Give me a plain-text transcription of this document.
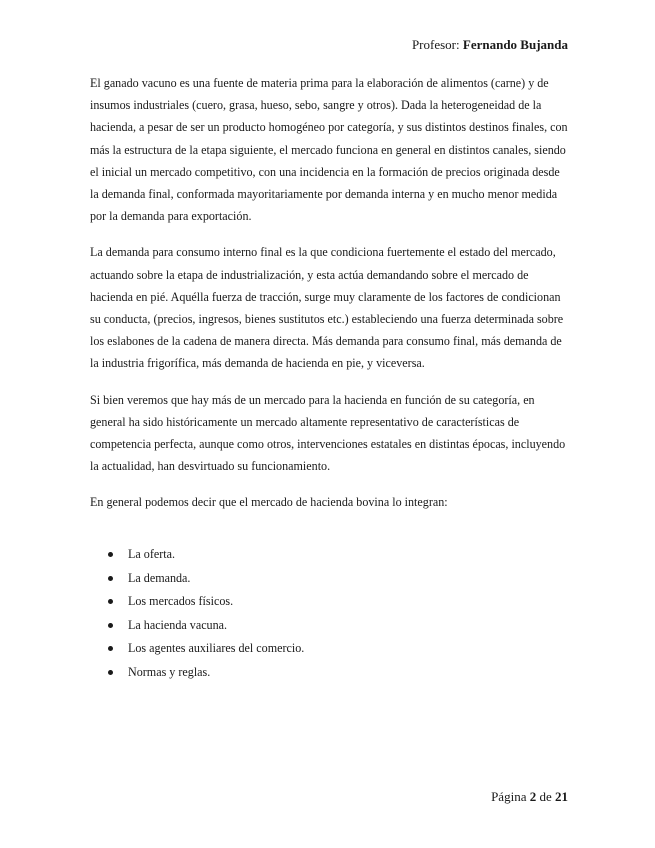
Profesor: Fernando Bujanda

El ganado vacuno es una fuente de materia prima para la elaboración de alimentos (carne) y de insumos industriales (cuero, grasa, hueso, sebo, sangre y otros). Dada la heterogeneidad de la hacienda, a pesar de ser un producto homogéneo por categoría, y sus distintos destinos finales, con más la estructura de la etapa siguiente, el mercado funciona en general en distintos canales, siendo el inicial un mercado competitivo, con una incidencia en la formación de precios originada desde la demanda final, conformada mayoritariamente por demanda interna y en mucho menor medida por la demanda para exportación.

La demanda para consumo interno final es la que condiciona fuertemente el estado del mercado, actuando sobre la etapa de industrialización, y esta actúa demandando sobre el mercado de hacienda en pié. Aquélla fuerza de tracción, surge muy claramente de los factores de condicionan su conducta, (precios, ingresos, bienes sustitutos etc.) estableciendo una fuerza determinada sobre los eslabones de la cadena de manera directa. Más demanda para consumo final, más demanda de la industria frigorífica, más demanda de hacienda en pie, y viceversa.

Si bien veremos que hay más de un mercado para la hacienda en función de su categoría, en general ha sido históricamente un mercado altamente representativo de características de competencia perfecta, aunque como otros, intervenciones estatales en distintas épocas, incluyendo la actualidad, han desvirtuado su funcionamiento.

En general podemos decir que el mercado de hacienda bovina lo integran:

La oferta.
La demanda.
Los mercados físicos.
La hacienda vacuna.
Los agentes auxiliares del comercio.
Normas y reglas.
Página 2 de 21
